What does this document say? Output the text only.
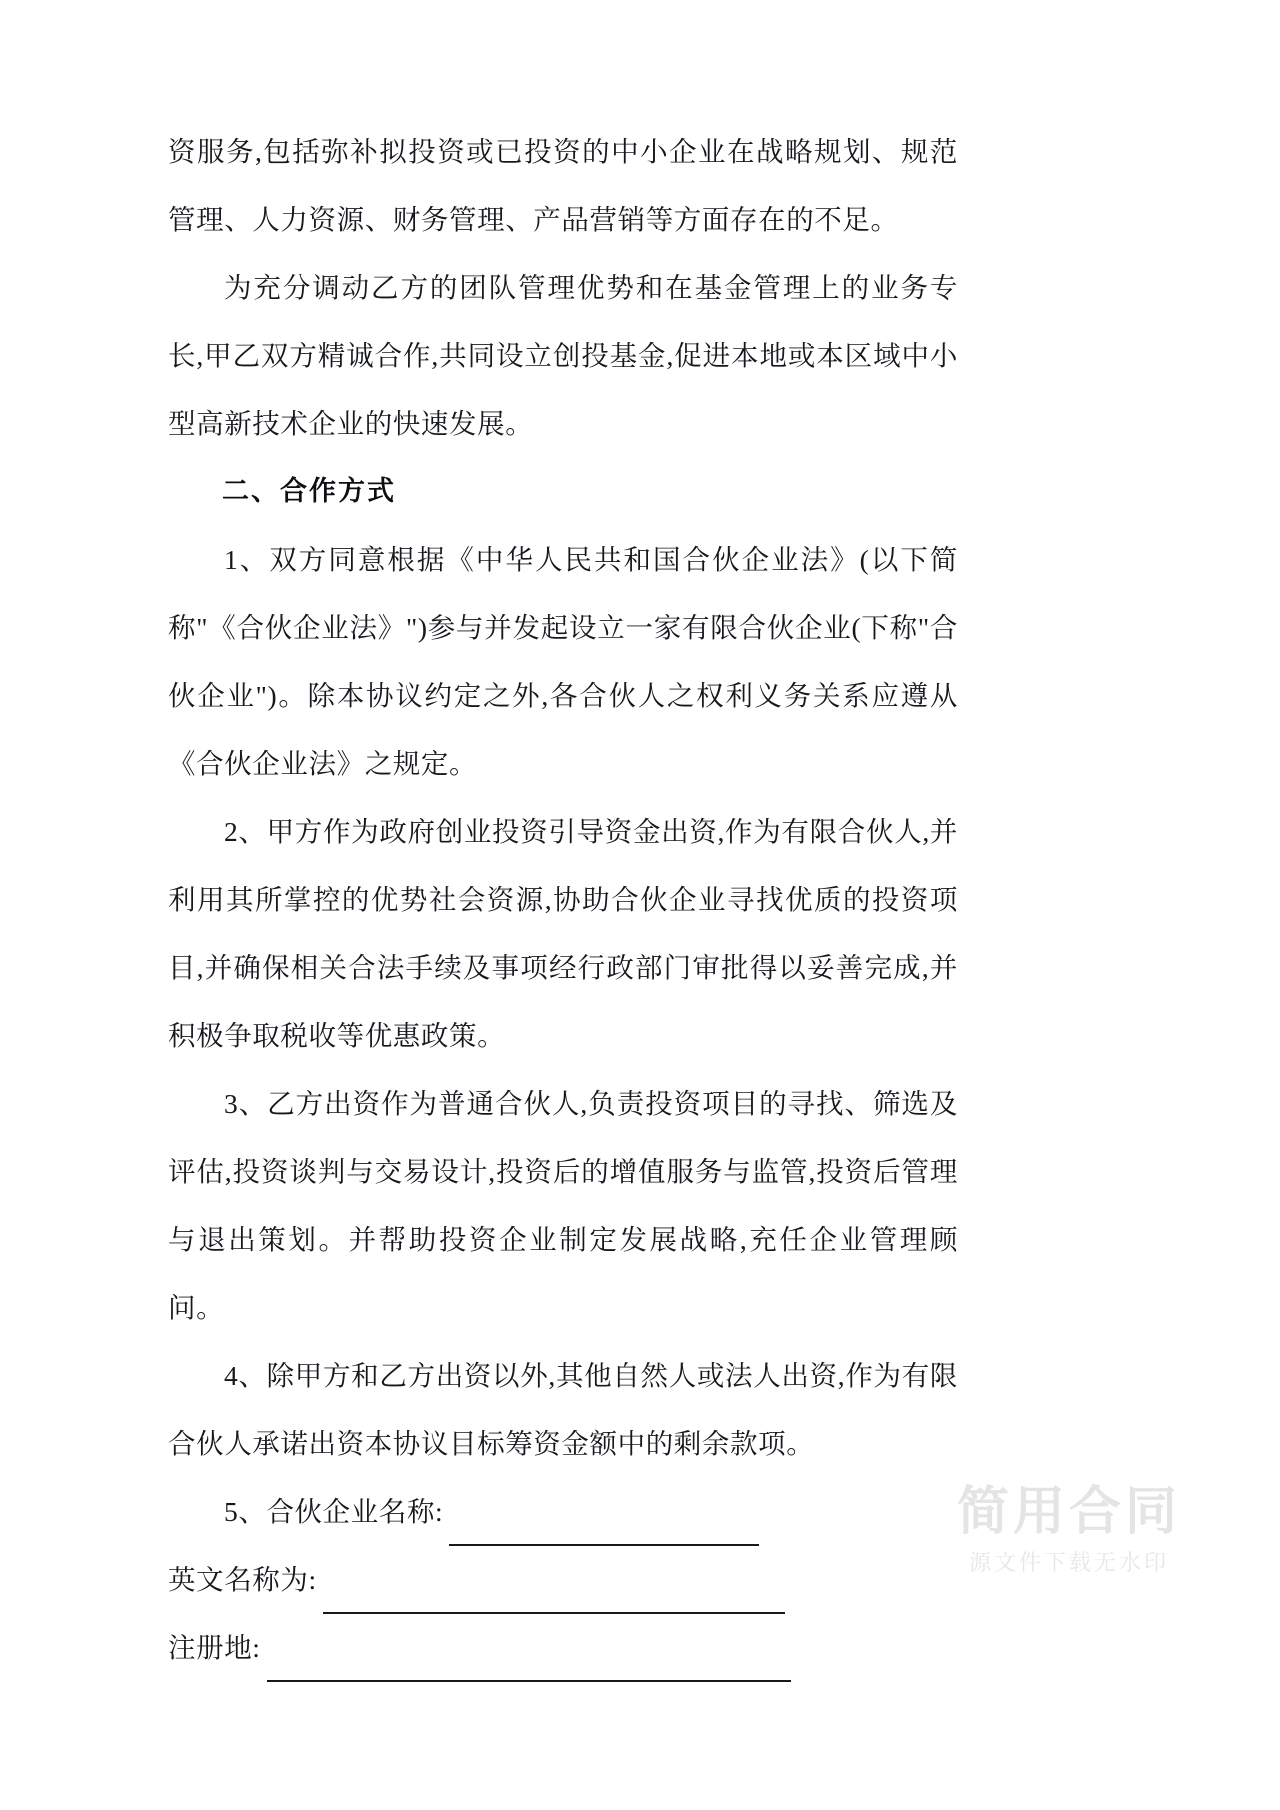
资服务,包括弥补拟投资或已投资的中小企业在战略规划、规范管理、人力资源、财务管理、产品营销等方面存在的不足。

为充分调动乙方的团队管理优势和在基金管理上的业务专长,甲乙双方精诚合作,共同设立创投基金,促进本地或本区域中小型高新技术企业的快速发展。

二、合作方式

1、双方同意根据《中华人民共和国合伙企业法》(以下简称"《合伙企业法》")参与并发起设立一家有限合伙企业(下称"合伙企业")。除本协议约定之外,各合伙人之权利义务关系应遵从《合伙企业法》之规定。

2、甲方作为政府创业投资引导资金出资,作为有限合伙人,并利用其所掌控的优势社会资源,协助合伙企业寻找优质的投资项目,并确保相关合法手续及事项经行政部门审批得以妥善完成,并积极争取税收等优惠政策。

3、乙方出资作为普通合伙人,负责投资项目的寻找、筛选及评估,投资谈判与交易设计,投资后的增值服务与监管,投资后管理与退出策划。并帮助投资企业制定发展战略,充任企业管理顾问。

4、除甲方和乙方出资以外,其他自然人或法人出资,作为有限合伙人承诺出资本协议目标筹资金额中的剩余款项。

5、合伙企业名称:
英文名称为:
注册地:
简用合同
源文件下载无水印
